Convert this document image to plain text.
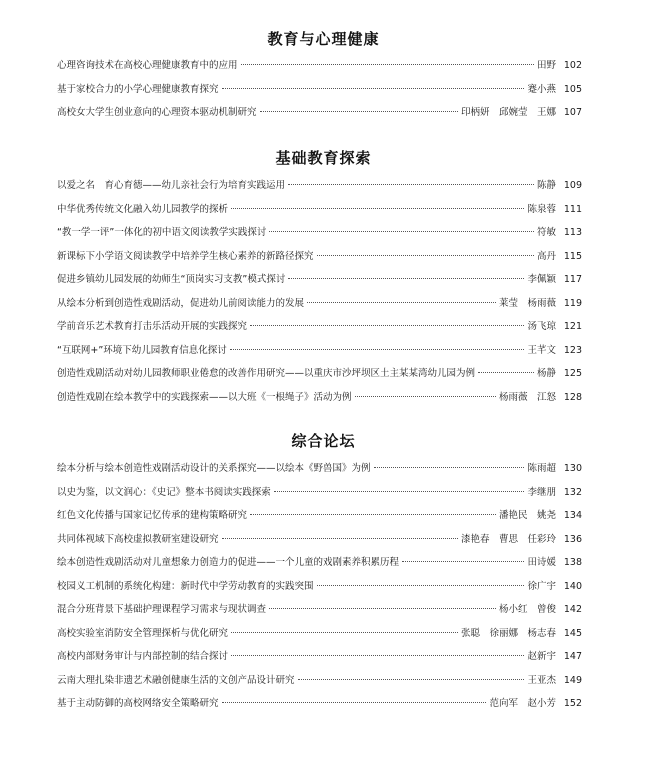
教育与心理健康
心理咨询技术在高校心理健康教育中的应用	田野 102
基于家校合力的小学心理健康教育探究	蹇小燕 105
高校女大学生创业意向的心理资本驱动机制研究	印柄妍　邱婉莹　王娜 107
基础教育探索
以爱之名　育心育德——幼儿亲社会行为培育实践运用	陈静 109
中华优秀传统文化融入幼儿园教学的探析	陈泉蓉 111
“教一学一评”一体化的初中语文阅读教学实践探讨	符敏 113
新课标下小学语文阅读教学中培养学生核心素养的新路径探究	高丹 115
促进乡镇幼儿园发展的幼师生“顶岗实习支教”模式探讨	李佩颖 117
从绘本分析到创造性戏剧活动，促进幼儿前阅读能力的发展	莱莹　杨雨薇 119
学前音乐艺术教育打击乐活动开展的实践探究	汤飞琼 121
“互联网+”环境下幼儿园教育信息化探讨	王芊文 123
创造性戏剧活动对幼儿园教师职业倦怠的改善作用研究——以重庆市沙坪坝区土主某某湾幼儿园为例	杨静 125
创造性戏剧在绘本教学中的实践探索——以大班《一根绳子》活动为例	杨雨薇　江怒 128
综合论坛
绘本分析与绘本创造性戏剧活动设计的关系探究——以绘本《野兽国》为例	陈雨超 130
以史为鉴，以文润心：《史记》整本书阅读实践探索	李继朋 132
红色文化传播与国家记忆传承的建构策略研究	潘艳民　姚尧 134
共同体视域下高校虚拟教研室建设研究	漆艳春　曹思　任彩玲 136
绘本创造性戏剧活动对儿童想象力创造力的促进——一个儿童的戏剧素养积累历程	田诗媛 138
校园义工机制的系统化构建：新时代中学劳动教育的实践突围	徐广宇 140
混合分班背景下基础护理课程学习需求与现状调查	杨小红　曾俊 142
高校实验室消防安全管理探析与优化研究	张聪　徐丽娜　杨志春 145
高校内部财务审计与内部控制的结合探讨	赵新宇 147
云南大理扎染非遗艺术融创健康生活的文创产品设计研究	王亚杰 149
基于主动防御的高校网络安全策略研究	范向军　赵小芳 152
